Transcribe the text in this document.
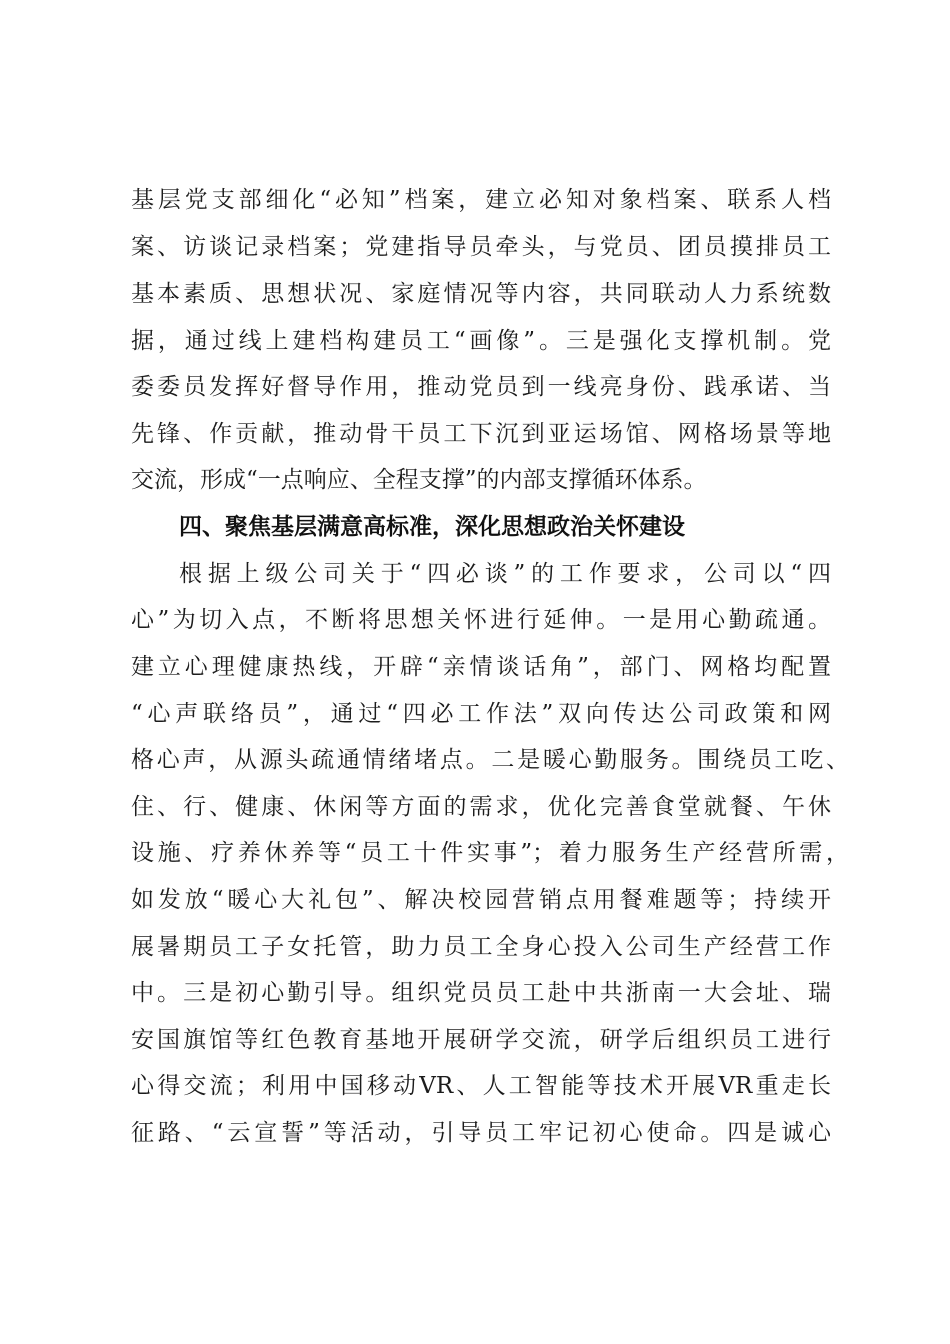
基层党支部细化“必知”档案，建立必知对象档案、联系人档
案、访谈记录档案；党建指导员牵头，与党员、团员摸排员工
基本素质、思想状况、家庭情况等内容，共同联动人力系统数
据，通过线上建档构建员工“画像”。三是强化支撑机制。党
委委员发挥好督导作用，推动党员到一线亮身份、践承诺、当
先锋、作贡献，推动骨干员工下沉到亚运场馆、网格场景等地
交流，形成“一点响应、全程支撑”的内部支撑循环体系。
四、聚焦基层满意高标准，深化思想政治关怀建设
根据上级公司关于“四必谈”的工作要求，公司以“四
心”为切入点，不断将思想关怀进行延伸。一是用心勤疏通。
建立心理健康热线，开辟“亲情谈话角”，部门、网格均配置
“心声联络员”，通过“四必工作法”双向传达公司政策和网
格心声，从源头疏通情绪堵点。二是暖心勤服务。围绕员工吃、
住、行、健康、休闲等方面的需求，优化完善食堂就餐、午休
设施、疗养休养等“员工十件实事”；着力服务生产经营所需，
如发放“暖心大礼包”、解决校园营销点用餐难题等；持续开
展暑期员工子女托管，助力员工全身心投入公司生产经营工作
中。三是初心勤引导。组织党员员工赴中共浙南一大会址、瑞
安国旗馆等红色教育基地开展研学交流，研学后组织员工进行
心得交流；利用中国移动VR、人工智能等技术开展VR重走长
征路、“云宣誓”等活动，引导员工牢记初心使命。四是诚心
